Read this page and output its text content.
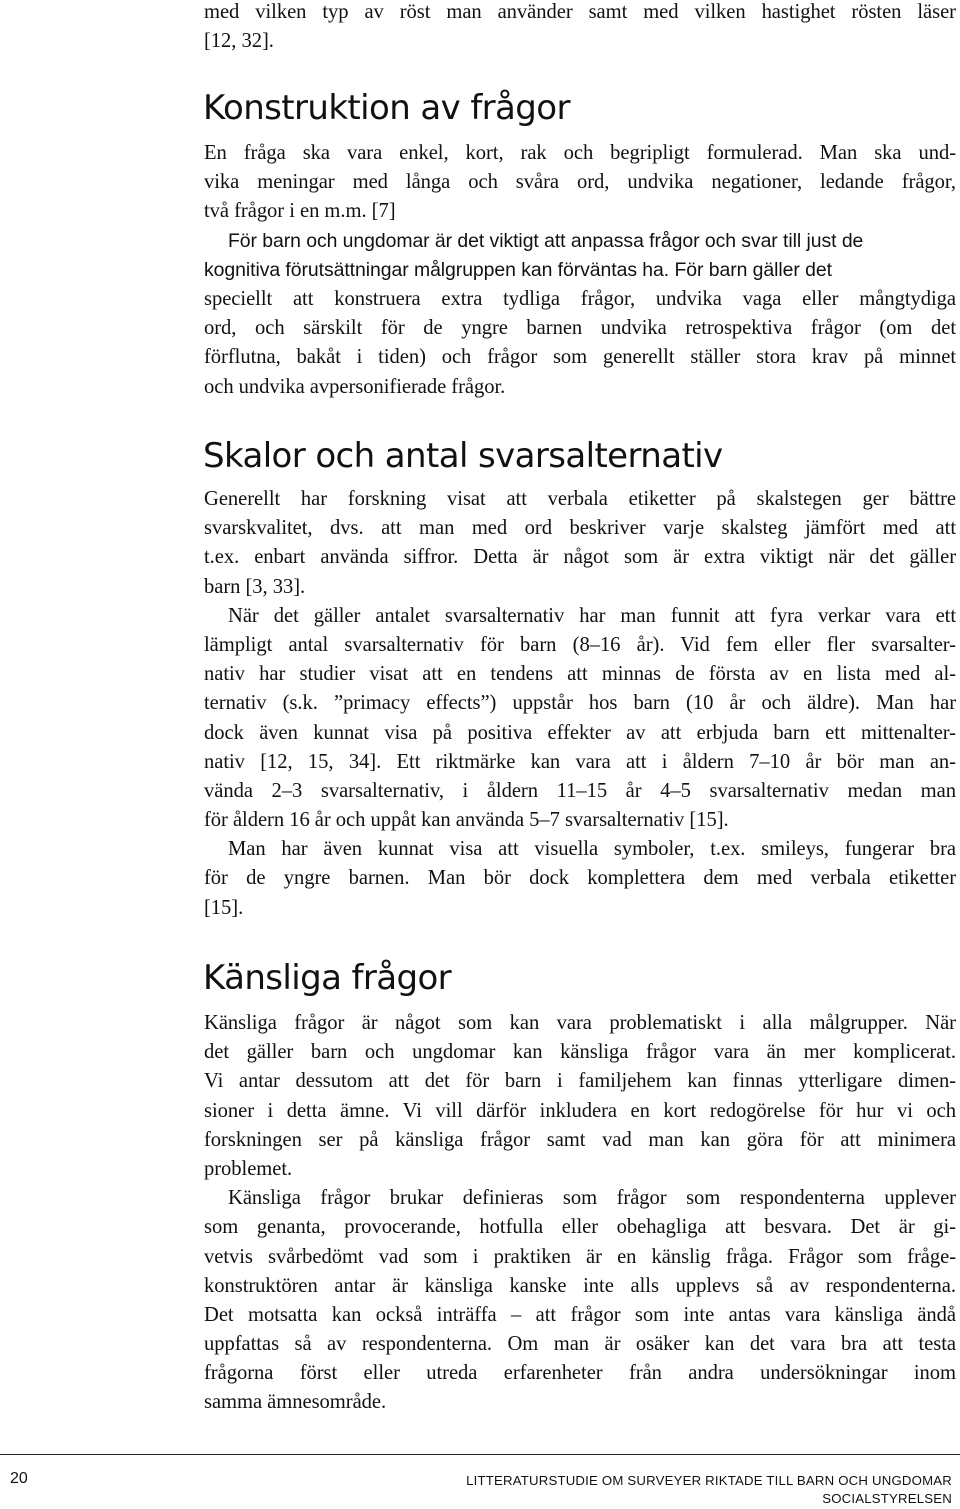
med vilken typ av röst man använder samt med vilken hastighet rösten läser
[12, 32].
Konstruktion av frågor
En fråga ska vara enkel, kort, rak och begripligt formulerad. Man ska und-
vika meningar med långa och svåra ord, undvika negationer, ledande frågor,
två frågor i en m.m. [7]
För barn och ungdomar är det viktigt att anpassa frågor och svar till just de
kognitiva förutsättningar målgruppen kan förväntas ha. För barn gäller det
speciellt att konstruera extra tydliga frågor, undvika vaga eller mångtydiga
ord, och särskilt för de yngre barnen undvika retrospektiva frågor (om det
förflutna, bakåt i tiden) och frågor som generellt ställer stora krav på minnet
och undvika avpersonifierade frågor.
Skalor och antal svarsalternativ
Generellt har forskning visat att verbala etiketter på skalstegen ger bättre
svarskvalitet, dvs. att man med ord beskriver varje skalsteg jämfört med att
t.ex. enbart använda siffror. Detta är något som är extra viktigt när det gäller
barn [3, 33].
När det gäller antalet svarsalternativ har man funnit att fyra verkar vara ett
lämpligt antal svarsalternativ för barn (8–16 år). Vid fem eller fler svarsalter-
nativ har studier visat att en tendens att minnas de första av en lista med al-
ternativ (s.k. ”primacy effects”) uppstår hos barn (10 år och äldre). Man har
dock även kunnat visa på positiva effekter av att erbjuda barn ett mittenalter-
nativ [12, 15, 34]. Ett riktmärke kan vara att i åldern 7–10 år bör man an-
vända 2–3 svarsalternativ, i åldern 11–15 år 4–5 svarsalternativ medan man
för åldern 16 år och uppåt kan använda 5–7 svarsalternativ [15].
Man har även kunnat visa att visuella symboler, t.ex. smileys, fungerar bra
för de yngre barnen. Man bör dock komplettera dem med verbala etiketter
[15].
Känsliga frågor
Känsliga frågor är något som kan vara problematiskt i alla målgrupper. När
det gäller barn och ungdomar kan känsliga frågor vara än mer komplicerat.
Vi antar dessutom att det för barn i familjehem kan finnas ytterligare dimen-
sioner i detta ämne. Vi vill därför inkludera en kort redogörelse för hur vi och
forskningen ser på känsliga frågor samt vad man kan göra för att minimera
problemet.
Känsliga frågor brukar definieras som frågor som respondenterna upplever
som genanta, provocerande, hotfulla eller obehagliga att besvara. Det är gi-
vetvis svårbedömt vad som i praktiken är en känslig fråga. Frågor som fråge-
konstruktören antar är känsliga kanske inte alls upplevs så av respondenterna.
Det motsatta kan också inträffa – att frågor som inte antas vara känsliga ändå
uppfattas så av respondenterna. Om man är osäker kan det vara bra att testa
frågorna först eller utreda erfarenheter från andra undersökningar inom
samma ämnesområde.
20	LITTERATURSTUDIE OM SURVEYER RIKTADE TILL BARN OCH UNGDOMAR
SOCIALSTYRELSEN
